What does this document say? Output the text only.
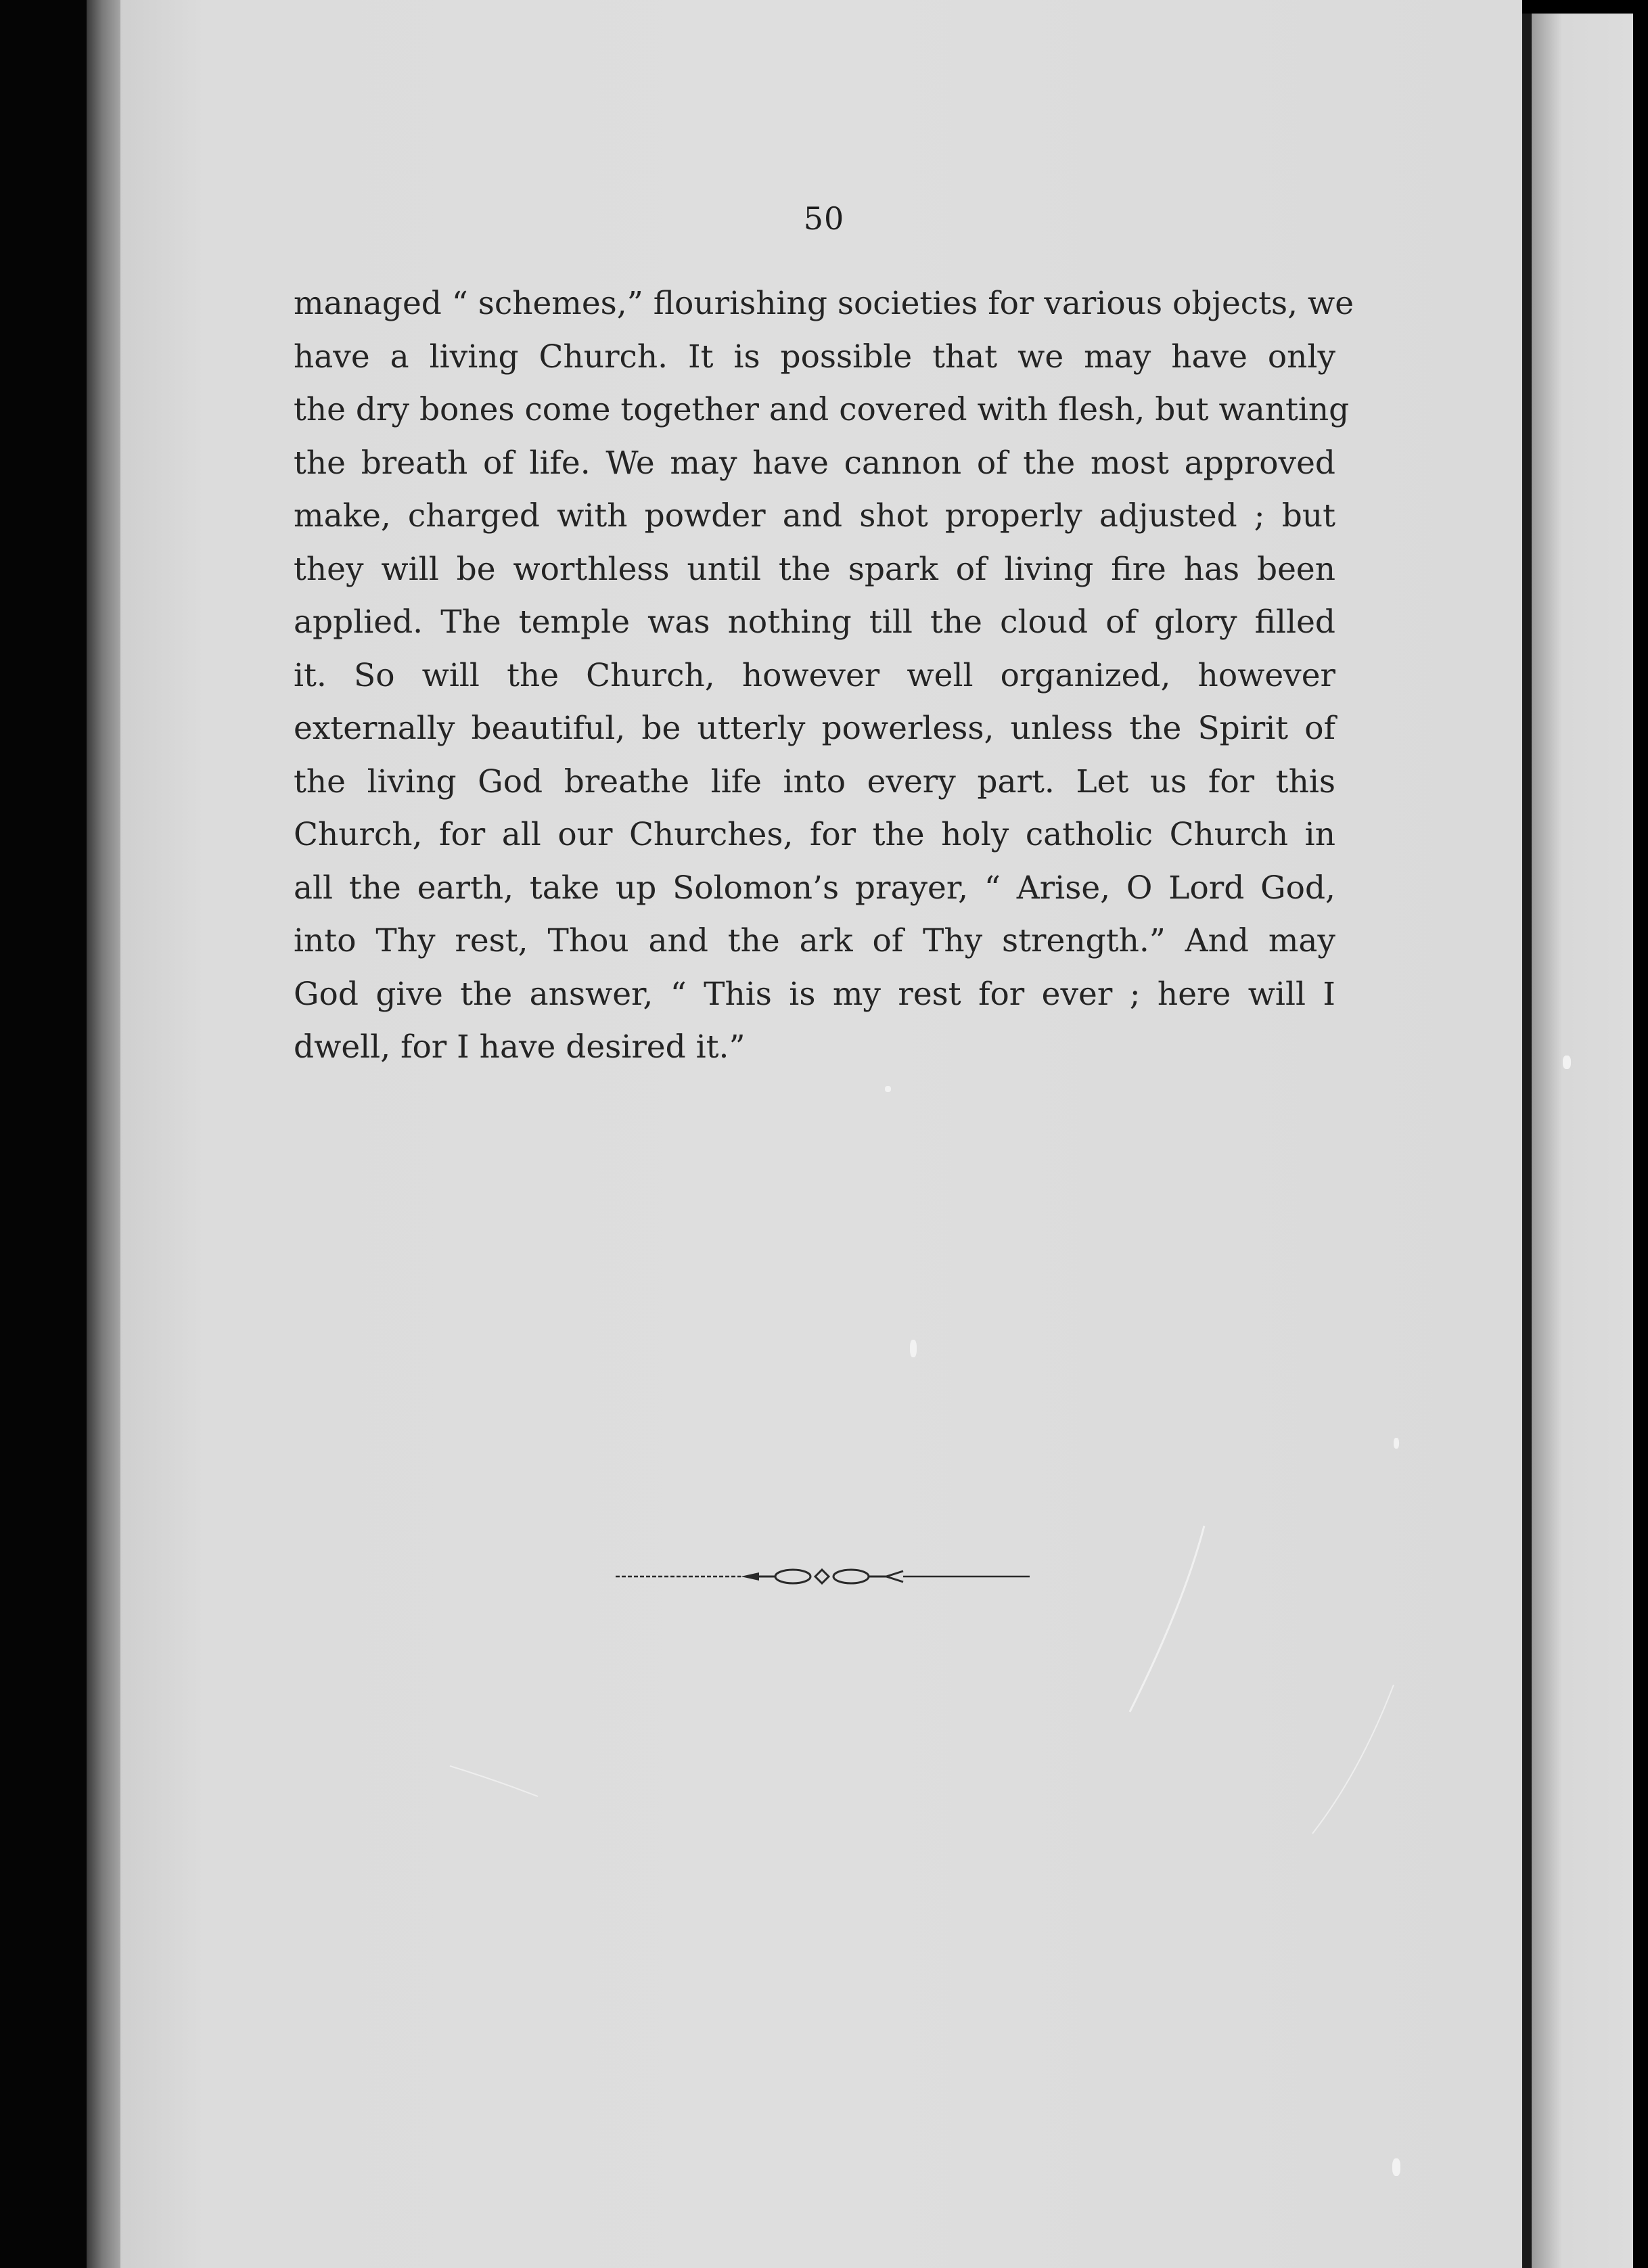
50
managed “ schemes,” flourishing societies for various objects, we
have a living Church. It is possible that we may have only
the dry bones come together and covered with flesh, but wanting
the breath of life. We may have cannon of the most approved
make, charged with powder and shot properly adjusted ; but
they will be worthless until the spark of living fire has been
applied. The temple was nothing till the cloud of glory filled
it. So will the Church, however well organized, however
externally beautiful, be utterly powerless, unless the Spirit of
the living God breathe life into every part. Let us for this
Church, for all our Churches, for the holy catholic Church in
all the earth, take up Solomon’s prayer, “ Arise, O Lord God,
into Thy rest, Thou and the ark of Thy strength.” And may
God give the answer, “ This is my rest for ever ; here will I
dwell, for I have desired it.”
